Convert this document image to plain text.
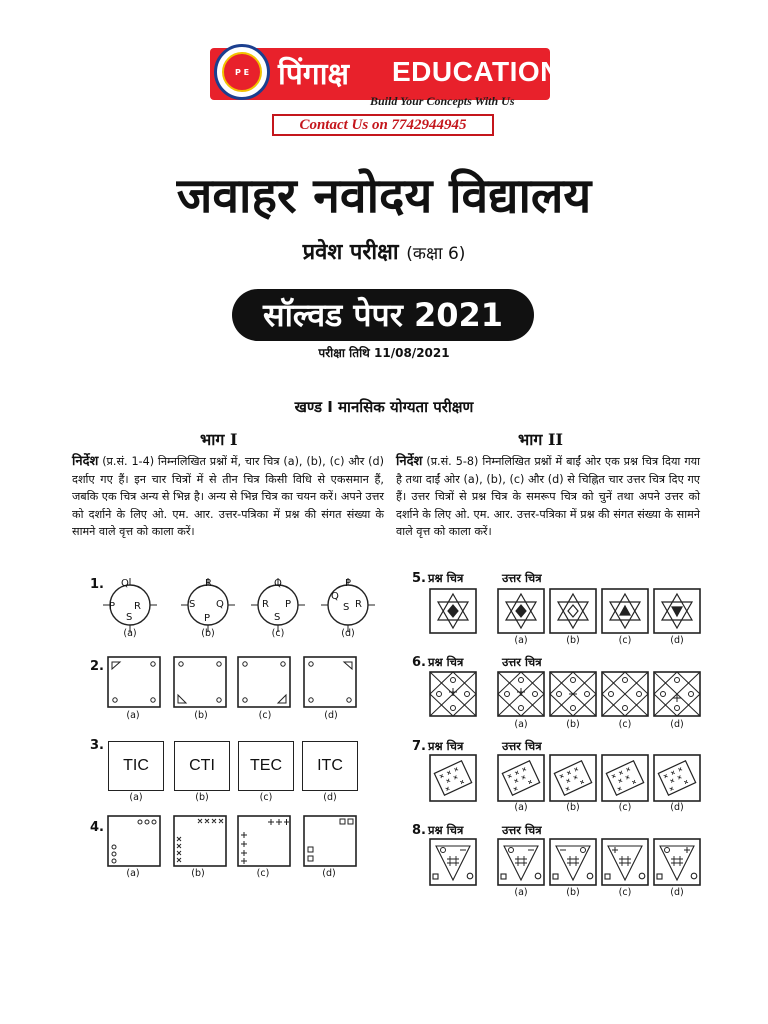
P E पिंगाक्ष EDUCATION
Build Your Concepts With Us
Contact Us on 7742944945
जवाहर नवोदय विद्यालय
प्रवेश परीक्षा (कक्षा 6)
सॉल्वड पेपर 2021
परीक्षा तिथि 11/08/2021
खण्ड I मानसिक योग्यता परीक्षण
भाग I	भाग II
निर्देश (प्र.सं. 1-4) निम्नलिखित प्रश्नों में, चार चित्र (a), (b), (c) और (d) दर्शाए गए हैं। इन चार चित्रों में से तीन चित्र किसी विधि से एकसमान हैं, जबकि एक चित्र अन्य से भिन्न है। अन्य से भिन्न चित्र का चयन करें। अपने उत्तर को दर्शाने के लिए ओ. एम. आर. उत्तर-पत्रिका में प्रश्न की संगत संख्या के सामने वाले वृत्त को काला करें।
निर्देश (प्र.सं. 5-8) निम्नलिखित प्रश्नों में बाईं ओर एक प्रश्न चित्र दिया गया है तथा दाईं ओर (a), (b), (c) और (d) से चिह्नित चार उत्तर चित्र दिए गए हैं। उत्तर चित्रों से प्रश्न चित्र के समरूप चित्र को चुनें तथा अपने उत्तर को दर्शाने के लिए ओ. एम. आर. उत्तर-पत्रिका में प्रश्न की संगत संख्या के सामने वाले वृत्त को काला करें।
1. Q
P R
S
R
S Q
P
Q
R P
S
P
Q
S R
(a)	(b)	(c)	(d)
2.
(a)	(b)	(c)	(d)
3.
TIC	CTI	TEC	ITC
(a)	(b)	(c)	(d)
4.
(a)	(b)	(c)	(d)
5. प्रश्न चित्र	उत्तर चित्र
(a)	(b)	(c)	(d)
6. प्रश्न चित्र	उत्तर चित्र
(a)	(b)	(c)	(d)
7. प्रश्न चित्र	उत्तर चित्र
(a)	(b)	(c)	(d)
8. प्रश्न चित्र	उत्तर चित्र
(a)	(b)	(c)	(d)
